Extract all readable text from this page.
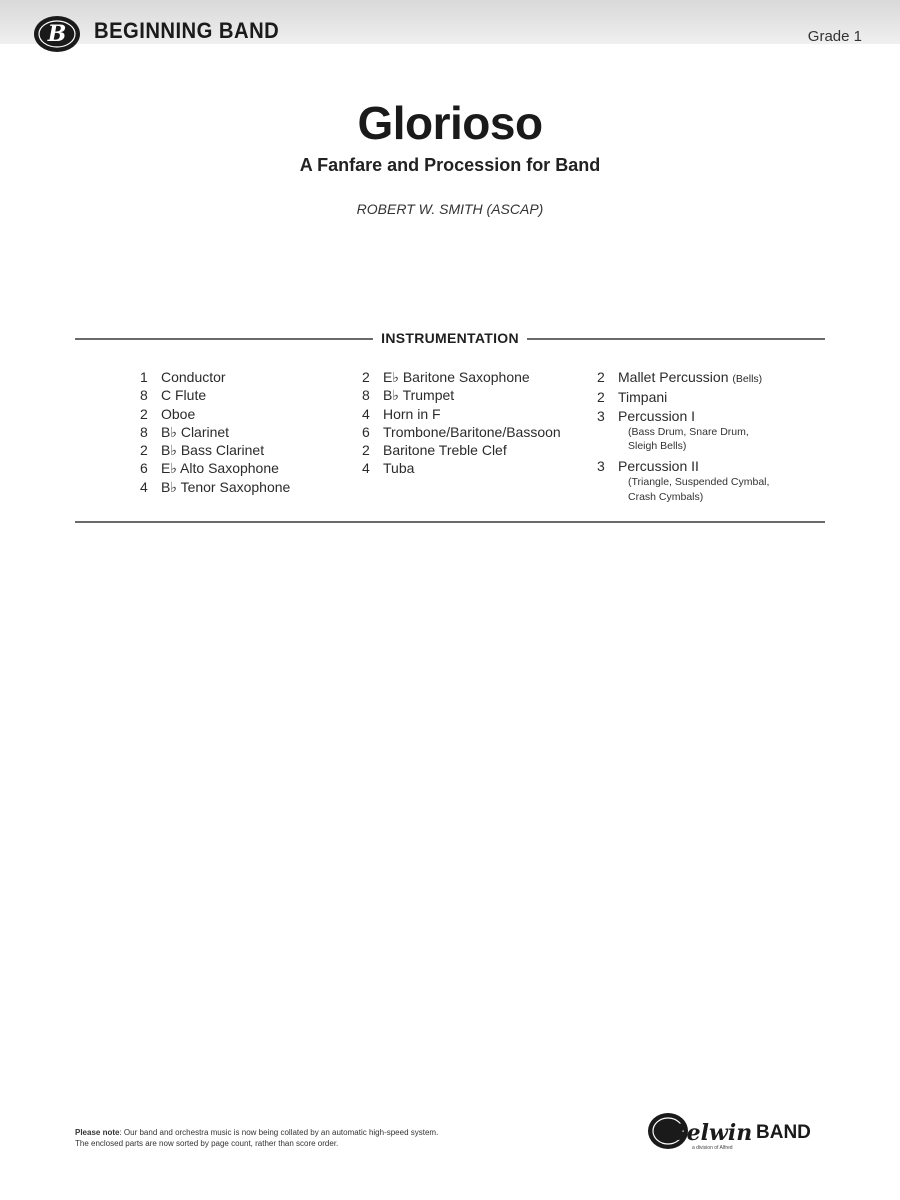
B BEGINNING BAND	Grade 1
Glorioso
A Fanfare and Procession for Band
ROBERT W. SMITH (ASCAP)
INSTRUMENTATION
1 Conductor
8 C Flute
2 Oboe
8 B♭ Clarinet
2 B♭ Bass Clarinet
6 E♭ Alto Saxophone
4 B♭ Tenor Saxophone
2 E♭ Baritone Saxophone
8 B♭ Trumpet
4 Horn in F
6 Trombone/Baritone/Bassoon
2 Baritone Treble Clef
4 Tuba
2 Mallet Percussion (Bells)
2 Timpani
3 Percussion I
(Bass Drum, Snare Drum,
Sleigh Bells)
3 Percussion II
(Triangle, Suspended Cymbal,
Crash Cymbals)
Please note: Our band and orchestra music is now being collated by an automatic high-speed system.
The enclosed parts are now sorted by page count, rather than score order.	Belwin BAND
a division of Alfred
